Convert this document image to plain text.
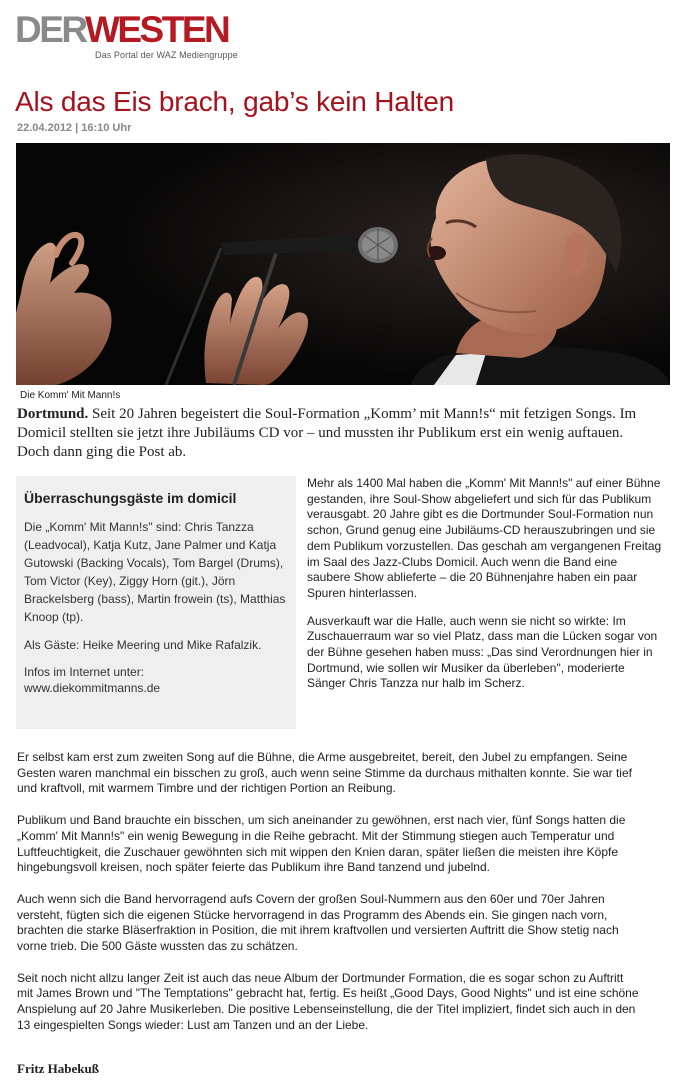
DERWESTEN
Das Portal der WAZ Mediengruppe
Als das Eis brach, gab’s kein Halten
22.04.2012 | 16:10 Uhr
Die Komm' Mit Mann!s

Dortmund. Seit 20 Jahren begeistert die Soul-Formation „Komm’ mit Mann!s“ mit fetzigen Songs. Im Domicil stellten sie jetzt ihre Jubiläums CD vor – und mussten ihr Publikum erst ein wenig auftauen. Doch dann ging die Post ab.

Überraschungsgäste im domicil

Die „Komm' Mit Mann!s" sind: Chris Tanzza (Leadvocal), Katja Kutz, Jane Palmer und Katja Gutowski (Backing Vocals), Tom Bargel (Drums), Tom Victor (Key), Ziggy Horn (git.), Jörn Brackelsberg (bass), Martin frowein (ts), Matthias Knoop (tp).

Als Gäste: Heike Meering und Mike Rafalzik.

Infos im Internet unter:

www.diekommitmanns.de

Mehr als 1400 Mal haben die „Komm' Mit Mann!s" auf einer Bühne gestanden, ihre Soul-Show abgeliefert und sich für das Publikum verausgabt. 20 Jahre gibt es die Dortmunder Soul-Formation nun schon, Grund genug eine Jubiläums-CD herauszubringen und sie dem Publikum vorzustellen. Das geschah am vergangenen Freitag im Saal des Jazz-Clubs Domicil. Auch wenn die Band eine saubere Show ablieferte – die 20 Bühnenjahre haben ein paar Spuren hinterlassen.

Ausverkauft war die Halle, auch wenn sie nicht so wirkte: Im Zuschauerraum war so viel Platz, dass man die Lücken sogar von der Bühne gesehen haben muss: „Das sind Verordnungen hier in Dortmund, wie sollen wir Musiker da überleben", moderierte Sänger Chris Tanzza nur halb im Scherz.

Er selbst kam erst zum zweiten Song auf die Bühne, die Arme ausgebreitet, bereit, den Jubel zu empfangen. Seine Gesten waren manchmal ein bisschen zu groß, auch wenn seine Stimme da durchaus mithalten konnte. Sie war tief und kraftvoll, mit warmem Timbre und der richtigen Portion an Reibung.

Publikum und Band brauchte ein bisschen, um sich aneinander zu gewöhnen, erst nach vier, fünf Songs hatten die „Komm' Mit Mann!s" ein wenig Bewegung in die Reihe gebracht. Mit der Stimmung stiegen auch Temperatur und Luftfeuchtigkeit, die Zuschauer gewöhnten sich mit wippen den Knien daran, später ließen die meisten ihre Köpfe hingebungsvoll kreisen, noch später feierte das Publikum ihre Band tanzend und jubelnd.

Auch wenn sich die Band hervorragend aufs Covern der großen Soul-Nummern aus den 60er und 70er Jahren versteht, fügten sich die eigenen Stücke hervorragend in das Programm des Abends ein. Sie gingen nach vorn, brachten die starke Bläserfraktion in Position, die mit ihrem kraftvollen und versierten Auftritt die Show stetig nach vorne trieb. Die 500 Gäste wussten das zu schätzen.

Seit noch nicht allzu langer Zeit ist auch das neue Album der Dortmunder Formation, die es sogar schon zu Auftritt mit James Brown und "The Temptations" gebracht hat, fertig. Es heißt „Good Days, Good Nights" und ist eine schöne Anspielung auf 20 Jahre Musikerleben. Die positive Lebenseinstellung, die der Titel impliziert, findet sich auch in den 13 eingespielten Songs wieder: Lust am Tanzen und an der Liebe.

Fritz Habekuß
